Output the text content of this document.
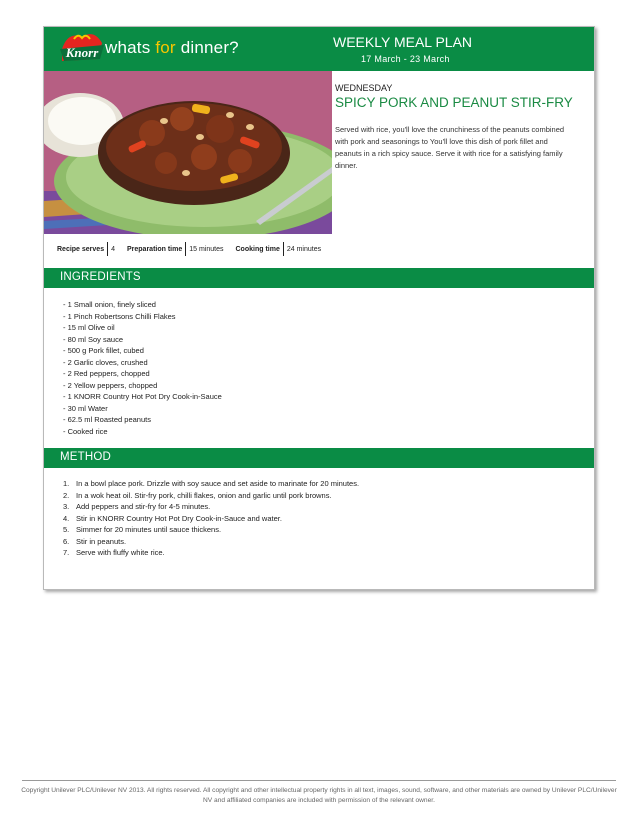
Knorr whats for dinner?	WEEKLY MEAL PLAN
17 March - 23 March
WEDNESDAY
SPICY PORK AND PEANUT STIR-FRY
Served with rice, you'll love the crunchiness of the peanuts combined with pork and seasonings to You'll love this dish of pork fillet and peanuts in a rich spicy sauce. Serve it with rice for a satisfying family dinner.
Recipe serves 4 Preparation time 15 minutes Cooking time 24 minutes
INGREDIENTS
- 1 Small onion, finely sliced
- 1 Pinch Robertsons Chilli Flakes
- 15 ml Olive oil
- 80 ml Soy sauce
- 500 g Pork fillet, cubed
- 2 Garlic cloves, crushed
- 2 Red peppers, chopped
- 2 Yellow peppers, chopped
- 1 KNORR Country Hot Pot Dry Cook-in-Sauce
- 30 ml Water
- 62.5 ml Roasted peanuts
- Cooked rice
METHOD
1. In a bowl place pork. Drizzle with soy sauce and set aside to marinate for 20 minutes.
2. In a wok heat oil. Stir-fry pork, chilli flakes, onion and garlic until pork browns.
3. Add peppers and stir-fry for 4-5 minutes.
4. Stir in KNORR Country Hot Pot Dry Cook-in-Sauce and water.
5. Simmer for 20 minutes until sauce thickens.
6. Stir in peanuts.
7. Serve with fluffy white rice.
Copyright Unilever PLC/Unilever NV 2013. All rights reserved. All copyright and other intellectual property rights in all text, images, sound, software, and other materials are owned by Unilever PLC/Unilever NV and affiliated companies are included with permission of the relevant owner.
